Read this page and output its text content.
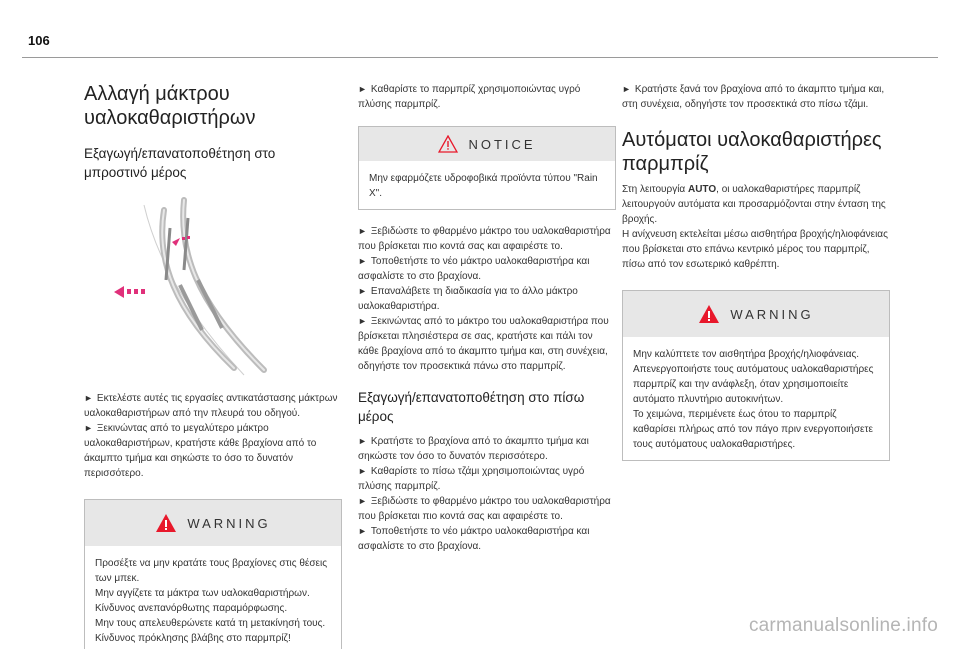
106
Αλλαγή μάκτρου υαλοκαθαριστήρων
Εξαγωγή/επανατοποθέτηση στο μπροστινό μέρος
► Εκτελέστε αυτές τις εργασίες αντικατάστασης μάκτρων υαλοκαθαριστήρων από την πλευρά του οδηγού.
► Ξεκινώντας από το μεγαλύτερο μάκτρο υαλοκαθαριστήρων, κρατήστε κάθε βραχίονα από το άκαμπτο τμήμα και σηκώστε το όσο το δυνατόν περισσότερο.
WARNING
Προσέξτε να μην κρατάτε τους βραχίονες στις θέσεις των μπεκ.
Μην αγγίζετε τα μάκτρα των υαλοκαθαριστήρων.
Κίνδυνος ανεπανόρθωτης παραμόρφωσης.
Μην τους απελευθερώνετε κατά τη μετακίνησή τους.
Κίνδυνος πρόκλησης βλάβης στο παρμπρίζ!
► Καθαρίστε το παρμπρίζ χρησιμοποιώντας υγρό πλύσης παρμπρίζ.
NOTICE
Μην εφαρμόζετε υδροφοβικά προϊόντα τύπου "Rain X".
► Ξεβιδώστε το φθαρμένο μάκτρο του υαλοκαθαριστήρα που βρίσκεται πιο κοντά σας και αφαιρέστε το.
► Τοποθετήστε το νέο μάκτρο υαλοκαθαριστήρα και ασφαλίστε το στο βραχίονα.
► Επαναλάβετε τη διαδικασία για το άλλο μάκτρο υαλοκαθαριστήρα.
► Ξεκινώντας από το μάκτρο του υαλοκαθαριστήρα που βρίσκεται πλησιέστερα σε σας, κρατήστε και πάλι τον κάθε βραχίονα από το άκαμπτο τμήμα και, στη συνέχεια, οδηγήστε τον προσεκτικά πάνω στο παρμπρίζ.
Εξαγωγή/επανατοποθέτηση στο πίσω μέρος
► Κρατήστε το βραχίονα από το άκαμπτο τμήμα και σηκώστε τον όσο το δυνατόν περισσότερο.
► Καθαρίστε το πίσω τζάμι χρησιμοποιώντας υγρό πλύσης παρμπρίζ.
► Ξεβιδώστε το φθαρμένο μάκτρο του υαλοκαθαριστήρα που βρίσκεται πιο κοντά σας και αφαιρέστε το.
► Τοποθετήστε το νέο μάκτρο υαλοκαθαριστήρα και ασφαλίστε το στο βραχίονα.
► Κρατήστε ξανά τον βραχίονα από το άκαμπτο τμήμα και, στη συνέχεια, οδηγήστε τον προσεκτικά στο πίσω τζάμι.
Αυτόματοι υαλοκαθαριστήρες παρμπρίζ

Στη λειτουργία AUTO, οι υαλοκαθαριστήρες παρμπρίζ λειτουργούν αυτόματα και προσαρμόζονται στην ένταση της βροχής.

Η ανίχνευση εκτελείται μέσω αισθητήρα βροχής/ηλιοφάνειας που βρίσκεται στο επάνω κεντρικό μέρος του παρμπρίζ, πίσω από τον εσωτερικό καθρέπτη.

WARNING
Μην καλύπτετε τον αισθητήρα βροχής/ηλιοφάνειας.
Απενεργοποιήστε τους αυτόματους υαλοκαθαριστήρες παρμπρίζ και την ανάφλεξη, όταν χρησιμοποιείτε αυτόματο πλυντήριο αυτοκινήτων.
Το χειμώνα, περιμένετε έως ότου το παρμπρίζ καθαρίσει πλήρως από τον πάγο πριν ενεργοποιήσετε τους αυτόματους υαλοκαθαριστήρες.
carmanualsonline.info
